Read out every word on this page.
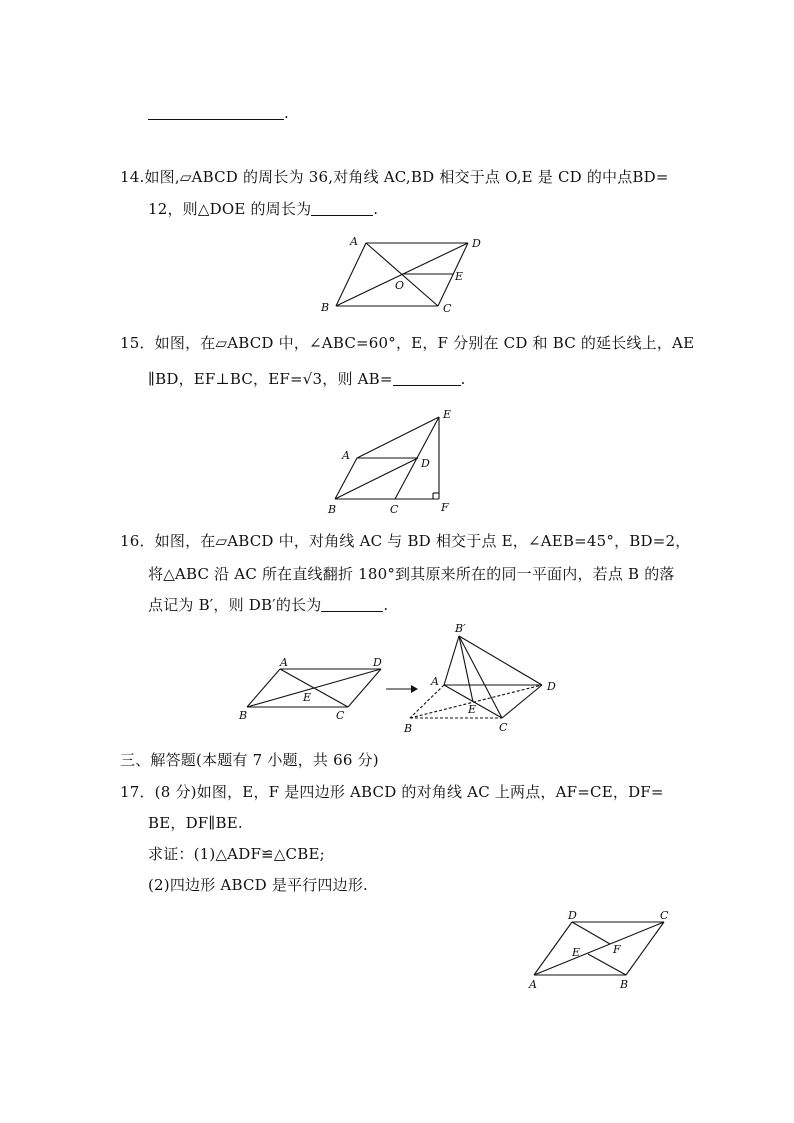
.
14.如图,▱ABCD 的周长为 36,对角线 AC,BD 相交于点 O,E 是 CD 的中点BD=
12，则△DOE 的周长为	.
A	D
E
O
B	C
15．如图，在▱ABCD 中，∠ABC=60°，E，F 分别在 CD 和 BC 的延长线上，AE
∥BD，EF⊥BC，EF=√3，则 AB=	.
E
A
D
B	C	F
16．如图，在▱ABCD 中，对角线 AC 与 BD 相交于点 E，∠AEB=45°，BD=2，
将△ABC 沿 AC 所在直线翻折 180°到其原来所在的同一平面内，若点 B 的落
点记为 B′，则 DB′的长为	.
A	D
E
B	C
B′
A	D
E
B	C
三、解答题(本题有 7 小题，共 66 分)
17．(8 分)如图，E，F 是四边形 ABCD 的对角线 AC 上两点，AF=CE，DF=
BE，DF∥BE.
求证：(1)△ADF≌△CBE;
(2)四边形 ABCD 是平行四边形.
D	C
E	F
A	B
